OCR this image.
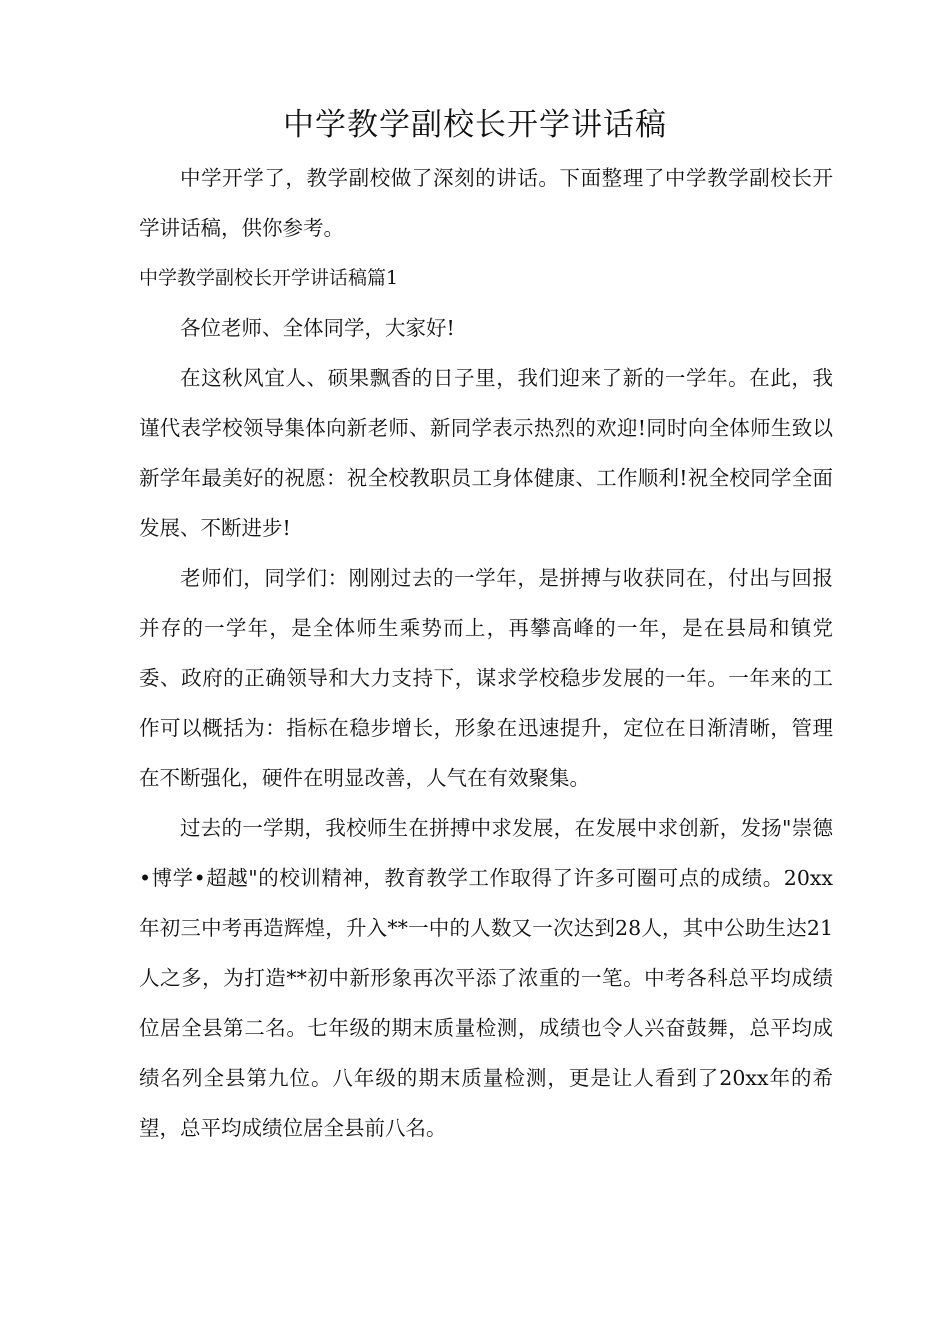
中学教学副校长开学讲话稿

中学开学了，教学副校做了深刻的讲话。下面整理了中学教学副校长开学讲话稿，供你参考。

中学教学副校长开学讲话稿篇1

各位老师、全体同学，大家好!

在这秋风宜人、硕果飘香的日子里，我们迎来了新的一学年。在此，我谨代表学校领导集体向新老师、新同学表示热烈的欢迎!同时向全体师生致以新学年最美好的祝愿：祝全校教职员工身体健康、工作顺利!祝全校同学全面发展、不断进步!

老师们，同学们：刚刚过去的一学年，是拼搏与收获同在，付出与回报并存的一学年，是全体师生乘势而上，再攀高峰的一年，是在县局和镇党委、政府的正确领导和大力支持下，谋求学校稳步发展的一年。一年来的工作可以概括为：指标在稳步增长，形象在迅速提升，定位在日渐清晰，管理在不断强化，硬件在明显改善，人气在有效聚集。

过去的一学期，我校师生在拼搏中求发展，在发展中求创新，发扬"崇德•博学•超越"的校训精神，教育教学工作取得了许多可圈可点的成绩。20xx年初三中考再造辉煌，升入**一中的人数又一次达到28人，其中公助生达21人之多，为打造**初中新形象再次平添了浓重的一笔。中考各科总平均成绩位居全县第二名。七年级的期末质量检测，成绩也令人兴奋鼓舞，总平均成绩名列全县第九位。八年级的期末质量检测，更是让人看到了20xx年的希望，总平均成绩位居全县前八名。
